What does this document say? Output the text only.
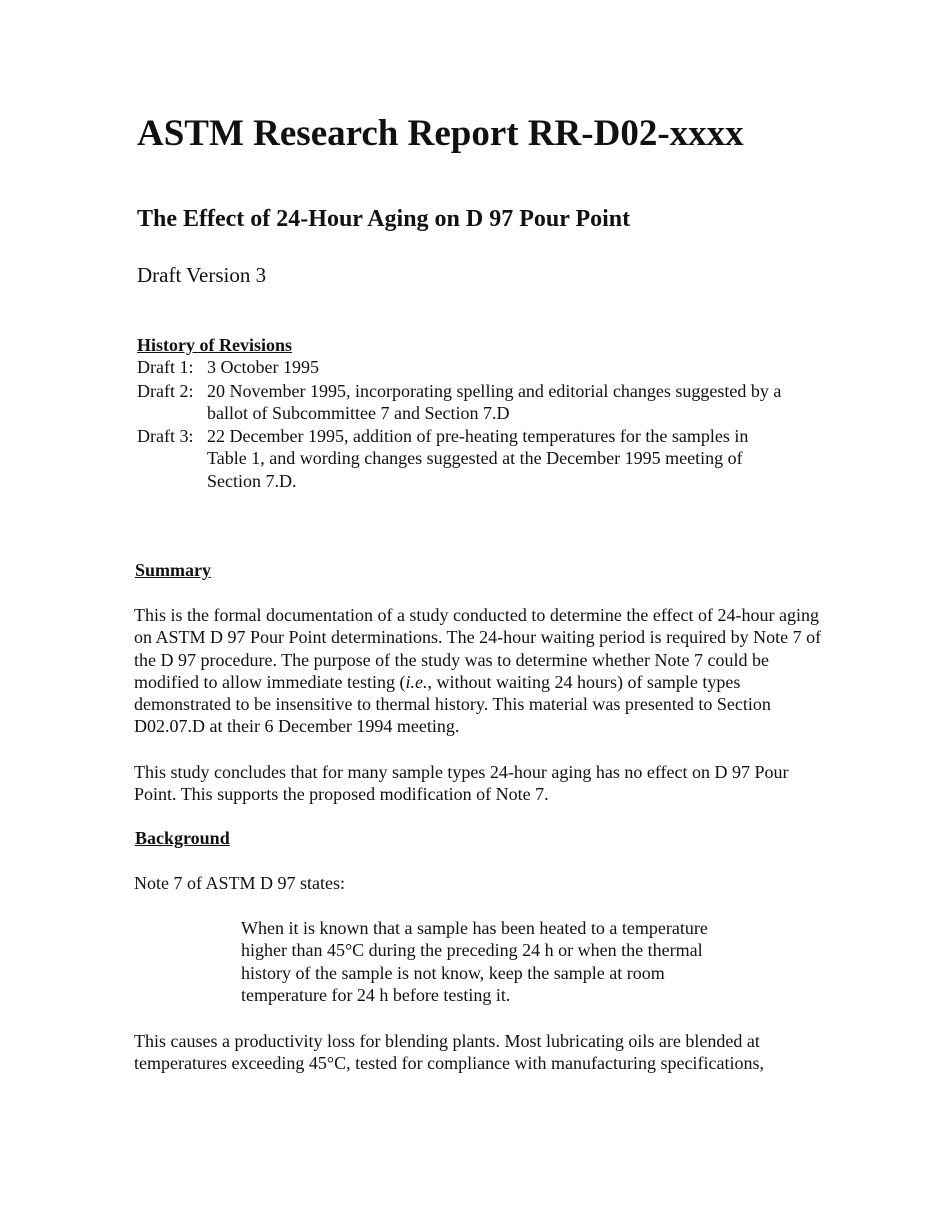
ASTM Research Report RR-D02-xxxx
The Effect of 24-Hour Aging on D 97 Pour Point
Draft Version 3
History of Revisions
Draft 1: 3 October 1995
Draft 2: 20 November 1995, incorporating spelling and editorial changes suggested by a ballot of Subcommittee 7 and Section 7.D
Draft 3: 22 December 1995, addition of pre-heating temperatures for the samples in Table 1, and wording changes suggested at the December 1995 meeting of Section 7.D.
Summary
This is the formal documentation of a study conducted to determine the effect of 24-hour aging on ASTM D 97 Pour Point determinations. The 24-hour waiting period is required by Note 7 of the D 97 procedure. The purpose of the study was to determine whether Note 7 could be modified to allow immediate testing (i.e., without waiting 24 hours) of sample types demonstrated to be insensitive to thermal history. This material was presented to Section D02.07.D at their 6 December 1994 meeting.
This study concludes that for many sample types 24-hour aging has no effect on D 97 Pour Point. This supports the proposed modification of Note 7.
Background
Note 7 of ASTM D 97 states:
When it is known that a sample has been heated to a temperature higher than 45°C during the preceding 24 h or when the thermal history of the sample is not know, keep the sample at room temperature for 24 h before testing it.
This causes a productivity loss for blending plants. Most lubricating oils are blended at temperatures exceeding 45°C, tested for compliance with manufacturing specifications,
